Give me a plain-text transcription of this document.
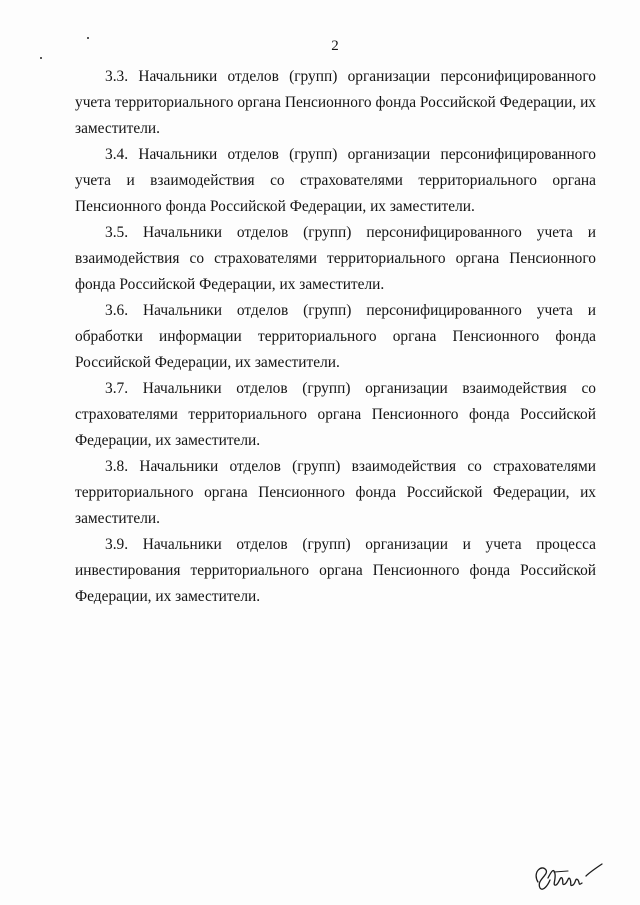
2

3.3. Начальники отделов (групп) организации персонифицированного учета территориального органа Пенсионного фонда Российской Федерации, их заместители.

3.4. Начальники отделов (групп) организации персонифицированного учета и взаимодействия со страхователями территориального органа Пенсионного фонда Российской Федерации, их заместители.

3.5. Начальники отделов (групп) персонифицированного учета и взаимодействия со страхователями территориального органа Пенсионного фонда Российской Федерации, их заместители.

3.6. Начальники отделов (групп) персонифицированного учета и обработки информации территориального органа Пенсионного фонда Российской Федерации, их заместители.

3.7. Начальники отделов (групп) организации взаимодействия со страхователями территориального органа Пенсионного фонда Российской Федерации, их заместители.

3.8. Начальники отделов (групп) взаимодействия со страхователями территориального органа Пенсионного фонда Российской Федерации, их заместители.

3.9. Начальники отделов (групп) организации и учета процесса инвестирования территориального органа Пенсионного фонда Российской Федерации, их заместители.
